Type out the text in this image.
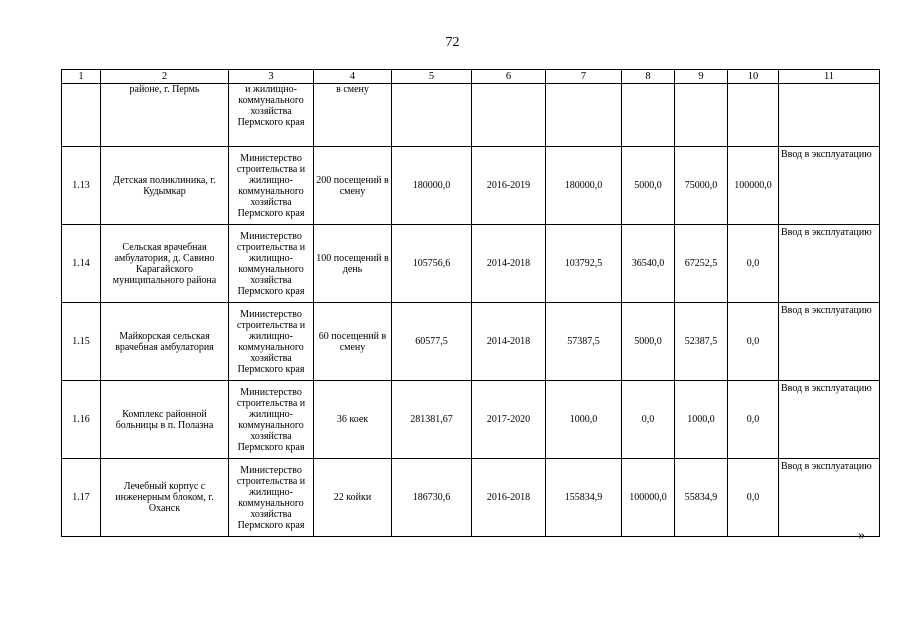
72
1	2	3	4	5	6	7	8	9	10	11
	районе, г. Пермь	и жилищно-коммунального хозяйства Пермского края	в смену							
1.13	Детская поликлиника, г. Кудымкар	Министерство строительства и жилищно-коммунального хозяйства Пермского края	200 посещений в смену	180000,0	2016-2019	180000,0	5000,0	75000,0	100000,0	Ввод в эксплуатацию
1.14	Сельская врачебная амбулатория, д. Савино Карагайского муниципального района	Министерство строительства и жилищно-коммунального хозяйства Пермского края	100 посещений в день	105756,6	2014-2018	103792,5	36540,0	67252,5	0,0	Ввод в эксплуатацию
1.15	Майкорская сельская врачебная амбулатория	Министерство строительства и жилищно-коммунального хозяйства Пермского края	60 посещений в смену	60577,5	2014-2018	57387,5	5000,0	52387,5	0,0	Ввод в эксплуатацию
1.16	Комплекс районной больницы в п. Полазна	Министерство строительства и жилищно-коммунального хозяйства Пермского края	36 коек	281381,67	2017-2020	1000,0	0,0	1000,0	0,0	Ввод в эксплуатацию
1.17	Лечебный корпус с инженерным блоком, г. Оханск	Министерство строительства и жилищно-коммунального хозяйства Пермского края	22 койки	186730,6	2016-2018	155834,9	100000,0	55834,9	0,0	Ввод в эксплуатацию
»
